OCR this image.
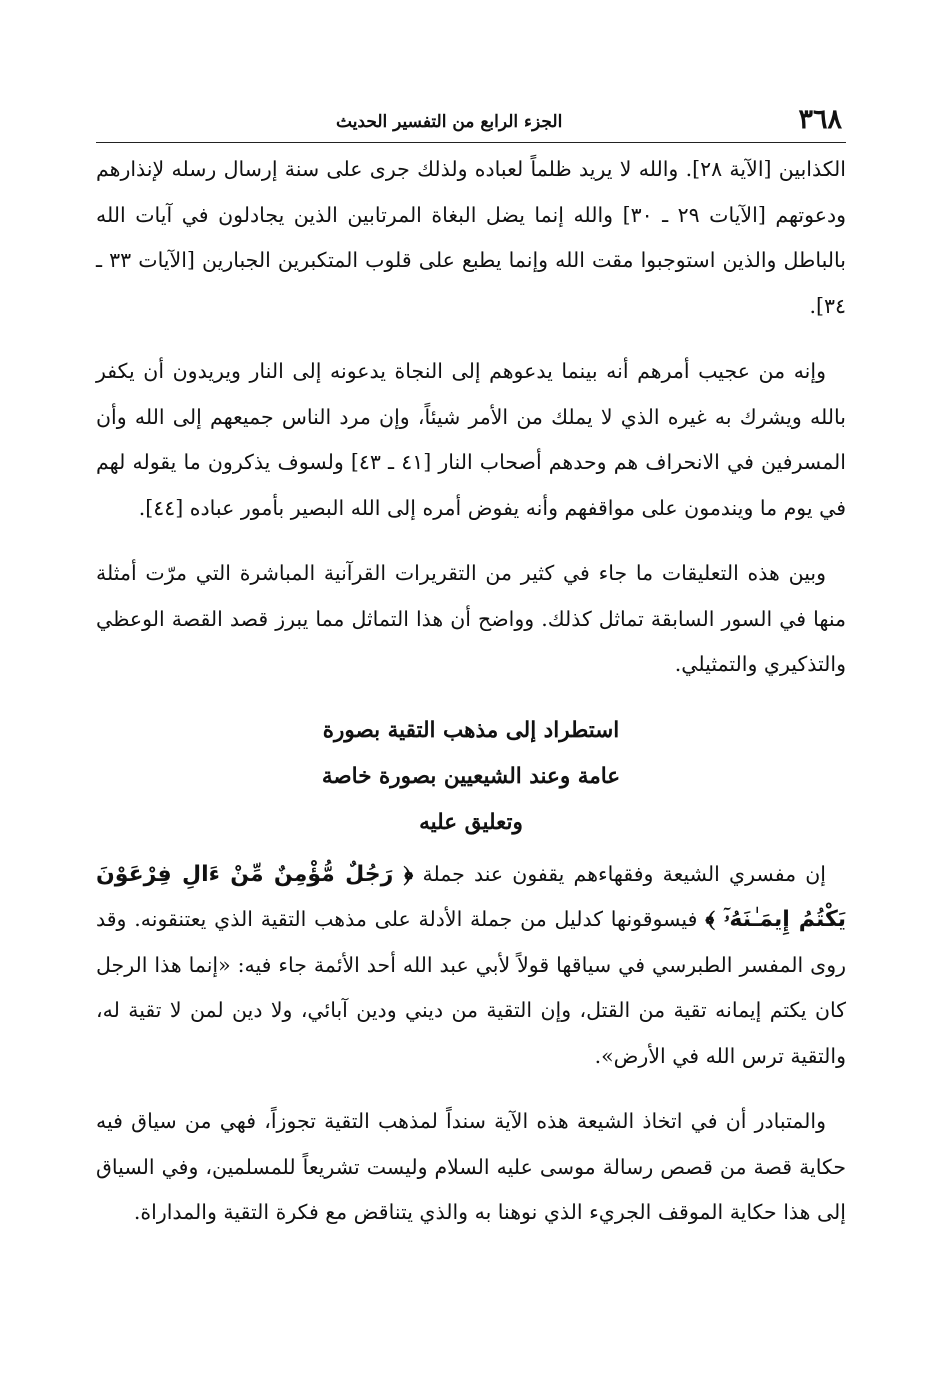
٣٦٨
الجزء الرابع من التفسير الحديث

الكذابين [الآية ٢٨]. والله لا يريد ظلماً لعباده ولذلك جرى على سنة إرسال رسله لإنذارهم ودعوتهم [الآيات ٢٩ ـ ٣٠] والله إنما يضل البغاة المرتابين الذين يجادلون في آيات الله بالباطل والذين استوجبوا مقت الله وإنما يطبع على قلوب المتكبرين الجبارين [الآيات ٣٣ ـ ٣٤].

وإنه من عجيب أمرهم أنه بينما يدعوهم إلى النجاة يدعونه إلى النار ويريدون أن يكفر بالله ويشرك به غيره الذي لا يملك من الأمر شيئاً، وإن مرد الناس جميعهم إلى الله وأن المسرفين في الانحراف هم وحدهم أصحاب النار [٤١ ـ ٤٣] ولسوف يذكرون ما يقوله لهم في يوم ما ويندمون على مواقفهم وأنه يفوض أمره إلى الله البصير بأمور عباده [٤٤].

وبين هذه التعليقات ما جاء في كثير من التقريرات القرآنية المباشرة التي مرّت أمثلة منها في السور السابقة تماثل كذلك. وواضح أن هذا التماثل مما يبرز قصد القصة الوعظي والتذكيري والتمثيلي.

استطراد إلى مذهب التقية بصورة
عامة وعند الشيعيين بصورة خاصة
وتعليق عليه

إن مفسري الشيعة وفقهاءهم يقفون عند جملة ﴿ رَجُلٌ مُّؤْمِنٌ مِّنْ ءَالِ فِرْعَوْنَ يَكْتُمُ إِيمَـٰنَهُۥٓ ﴾ فيسوقونها كدليل من جملة الأدلة على مذهب التقية الذي يعتنقونه. وقد روى المفسر الطبرسي في سياقها قولاً لأبي عبد الله أحد الأئمة جاء فيه: «إنما هذا الرجل كان يكتم إيمانه تقية من القتل، وإن التقية من ديني ودين آبائي، ولا دين لمن لا تقية له، والتقية ترس الله في الأرض».

والمتبادر أن في اتخاذ الشيعة هذه الآية سنداً لمذهب التقية تجوزاً، فهي من سياق فيه حكاية قصة من قصص رسالة موسى عليه السلام وليست تشريعاً للمسلمين، وفي السياق إلى هذا حكاية الموقف الجريء الذي نوهنا به والذي يتناقض مع فكرة التقية والمداراة.
